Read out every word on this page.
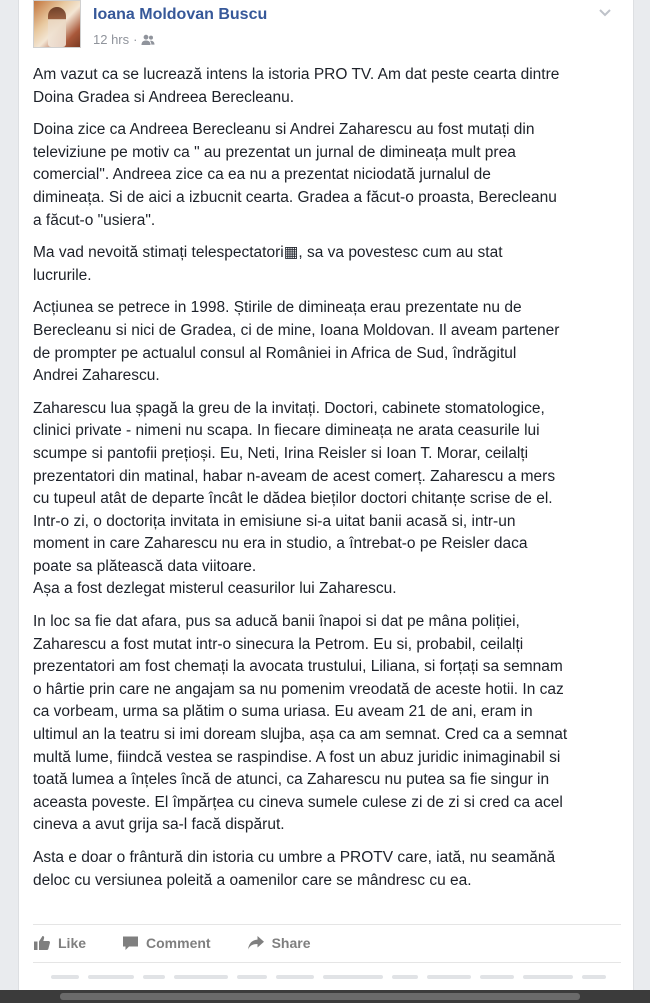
Ioana Moldovan Buscu
12 hrs ·

Am vazut ca se lucrează intens la istoria PRO TV. Am dat peste cearta dintre
Doina Gradea si Andreea Berecleanu.

Doina zice ca Andreea Berecleanu si Andrei Zaharescu au fost mutați din
televiziune pe motiv ca " au prezentat un jurnal de dimineața mult prea
comercial". Andreea zice ca ea nu a prezentat niciodată jurnalul de
dimineața. Si de aici a izbucnit cearta. Gradea a făcut-o proasta, Berecleanu
a făcut-o "usiera".

Ma vad nevoită stimați telespectatori▦, sa va povestesc cum au stat
lucrurile.

Acțiunea se petrece in 1998. Știrile de dimineața erau prezentate nu de
Berecleanu si nici de Gradea, ci de mine, Ioana Moldovan. Il aveam partener
de prompter pe actualul consul al României in Africa de Sud, îndrăgitul
Andrei Zaharescu.

Zaharescu lua șpagă la greu de la invitați. Doctori, cabinete stomatologice,
clinici private - nimeni nu scapa. In fiecare dimineața ne arata ceasurile lui
scumpe si pantofii prețioși. Eu, Neti, Irina Reisler si Ioan T. Morar, ceilalți
prezentatori din matinal, habar n-aveam de acest comerț. Zaharescu a mers
cu tupeul atât de departe încât le dădea bieților doctori chitanțe scrise de el.
Intr-o zi, o doctorița invitata in emisiune si-a uitat banii acasă si, intr-un
moment in care Zaharescu nu era in studio, a întrebat-o pe Reisler daca
poate sa plătească data viitoare.
Așa a fost dezlegat misterul ceasurilor lui Zaharescu.

In loc sa fie dat afara, pus sa aducă banii înapoi si dat pe mâna poliției,
Zaharescu a fost mutat intr-o sinecura la Petrom. Eu si, probabil, ceilalți
prezentatori am fost chemați la avocata trustului, Liliana, si forțați sa semnam
o hârtie prin care ne angajam sa nu pomenim vreodată de aceste hotii. In caz
ca vorbeam, urma sa plătim o suma uriasa. Eu aveam 21 de ani, eram in
ultimul an la teatru si imi doream slujba, așa ca am semnat. Cred ca a semnat
multă lume, fiindcă vestea se raspindise. A fost un abuz juridic inimaginabil si
toată lumea a înțeles încă de atunci, ca Zaharescu nu putea sa fie singur in
aceasta poveste. El împărțea cu cineva sumele culese zi de zi si cred ca acel
cineva a avut grija sa-l facă dispărut.

Asta e doar o frântură din istoria cu umbre a PROTV care, iată, nu seamănă
deloc cu versiunea poleită a oamenilor care se mândresc cu ea.

Like	Comment	Share
